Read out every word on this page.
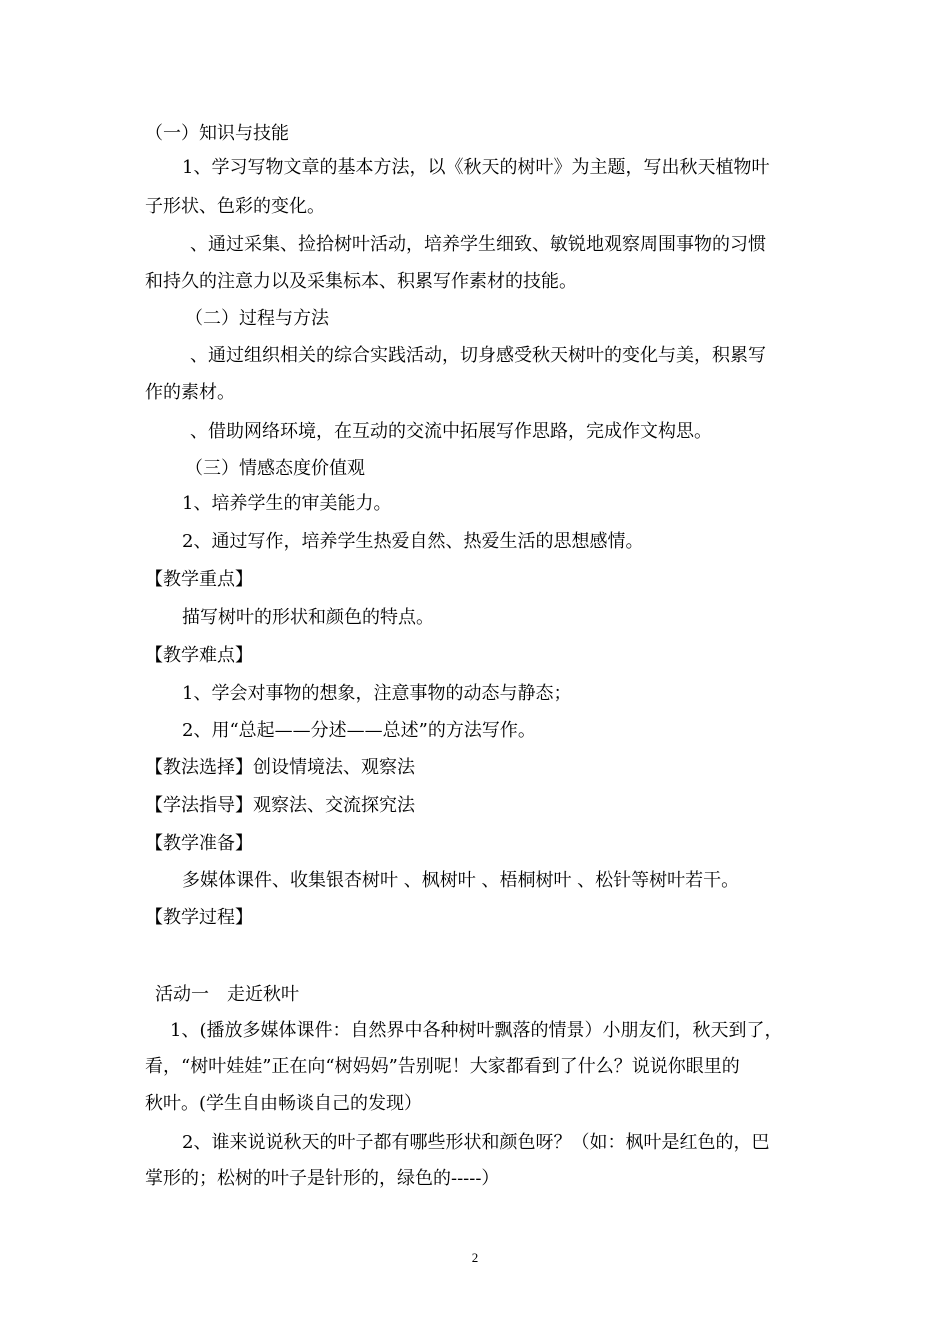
（一）知识与技能
1、学习写物文章的基本方法，以《秋天的树叶》为主题，写出秋天植物叶
子形状、色彩的变化。
、通过采集、捡拾树叶活动，培养学生细致、敏锐地观察周围事物的习惯
和持久的注意力以及采集标本、积累写作素材的技能。
（二）过程与方法
、通过组织相关的综合实践活动，切身感受秋天树叶的变化与美，积累写
作的素材。
、借助网络环境，在互动的交流中拓展写作思路，完成作文构思。
（三）情感态度价值观
1、培养学生的审美能力。
2、通过写作，培养学生热爱自然、热爱生活的思想感情。
【教学重点】
描写树叶的形状和颜色的特点。
【教学难点】
1、学会对事物的想象，注意事物的动态与静态；
2、用“总起——分述——总述”的方法写作。
【教法选择】创设情境法、观察法
【学法指导】观察法、交流探究法
【教学准备】
多媒体课件、收集银杏树叶 、枫树叶 、梧桐树叶 、松针等树叶若干。
【教学过程】
活动一　走近秋叶
1、(播放多媒体课件：自然界中各种树叶飘落的情景）小朋友们，秋天到了，
看，“树叶娃娃”正在向“树妈妈”告别呢！大家都看到了什么？说说你眼里的
秋叶。(学生自由畅谈自己的发现）
2、谁来说说秋天的叶子都有哪些形状和颜色呀？（如：枫叶是红色的，巴
掌形的；松树的叶子是针形的，绿色的-----）
2
